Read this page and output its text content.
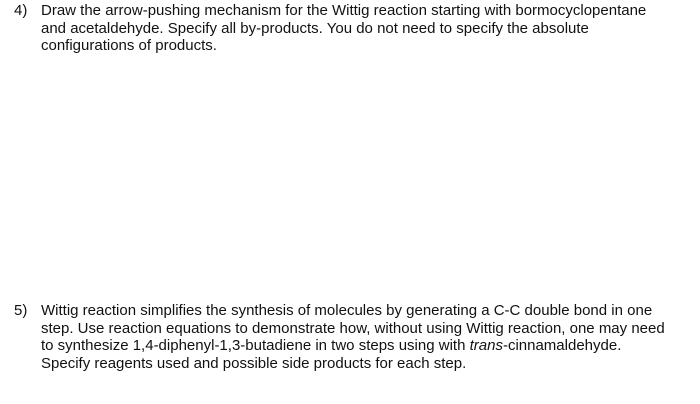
4) Draw the arrow-pushing mechanism for the Wittig reaction starting with bormocyclopentane
and acetaldehyde. Specify all by-products. You do not need to specify the absolute
configurations of products.
5) Wittig reaction simplifies the synthesis of molecules by generating a C-C double bond in one
step. Use reaction equations to demonstrate how, without using Wittig reaction, one may need
to synthesize 1,4-diphenyl-1,3-butadiene in two steps using with trans-cinnamaldehyde.
Specify reagents used and possible side products for each step.
